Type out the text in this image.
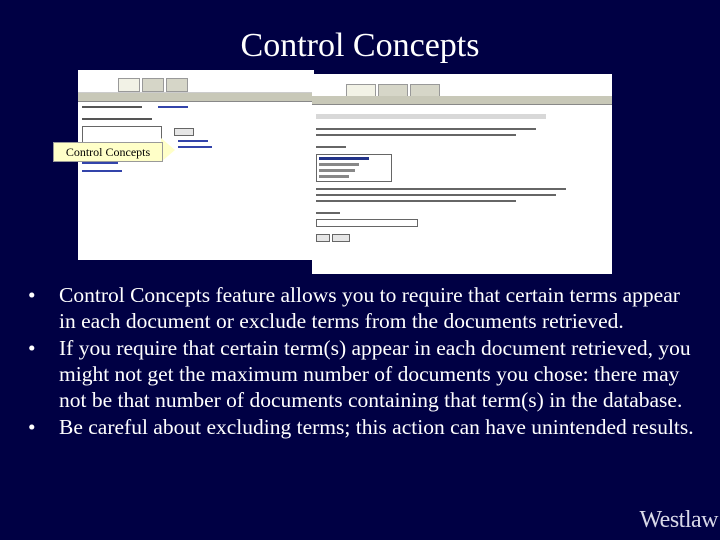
Control Concepts
Control Concepts
• Control Concepts feature allows you to require that certain terms appear in each document or exclude terms from the documents retrieved.
• If you require that certain term(s) appear in each document retrieved, you might not get the maximum number of documents you chose: there may not be that number of documents containing that term(s) in the database.
• Be careful about excluding terms; this action can have unintended results.
Westlaw
